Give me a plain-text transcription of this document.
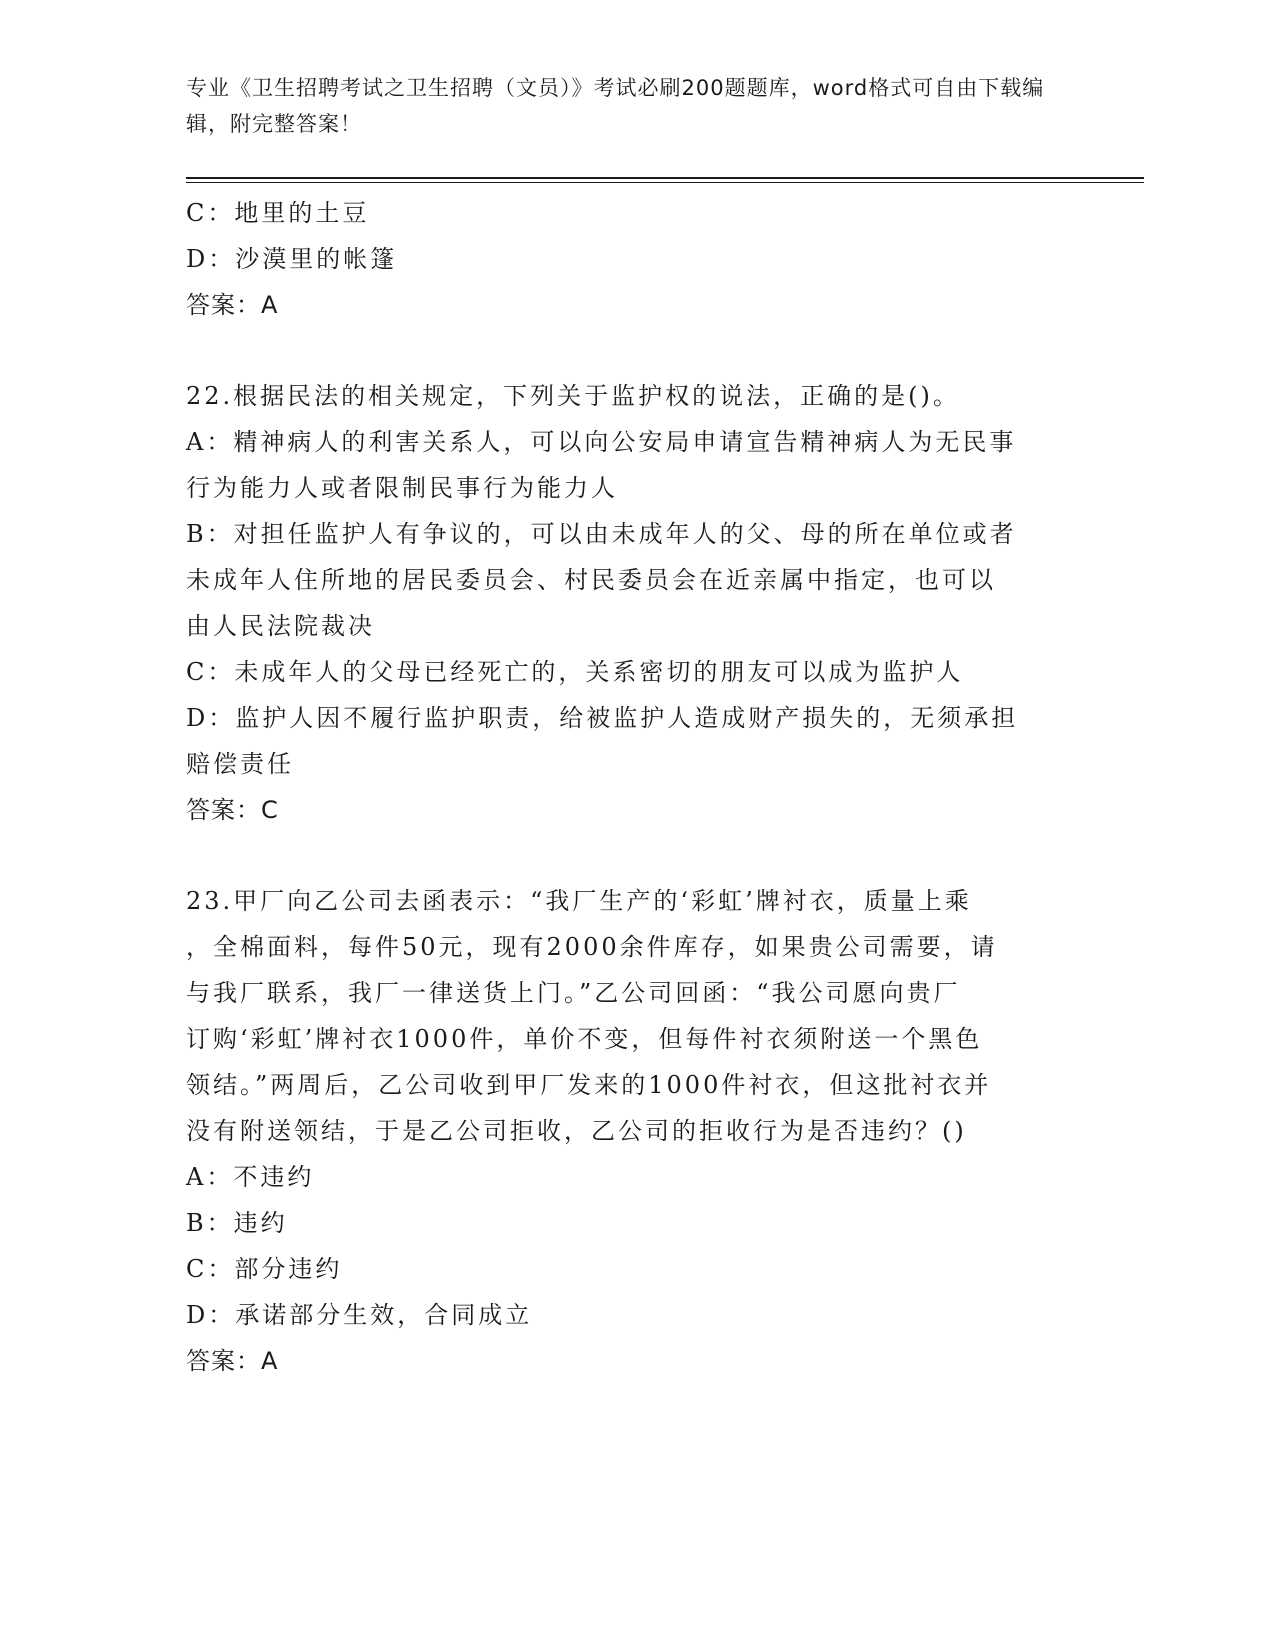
专业《卫生招聘考试之卫生招聘（文员）》考试必刷200题题库，word格式可自由下载编辑，附完整答案！
C：地里的土豆
D：沙漠里的帐篷
答案：A
22.根据民法的相关规定，下列关于监护权的说法，正确的是()。
A：精神病人的利害关系人，可以向公安局申请宣告精神病人为无民事
行为能力人或者限制民事行为能力人
B：对担任监护人有争议的，可以由未成年人的父、母的所在单位或者
未成年人住所地的居民委员会、村民委员会在近亲属中指定，也可以
由人民法院裁决
C：未成年人的父母已经死亡的，关系密切的朋友可以成为监护人
D：监护人因不履行监护职责，给被监护人造成财产损失的，无须承担
赔偿责任
答案：C
23.甲厂向乙公司去函表示：“我厂生产的‘彩虹’牌衬衣，质量上乘
，全棉面料，每件50元，现有2000余件库存，如果贵公司需要，请
与我厂联系，我厂一律送货上门。”乙公司回函：“我公司愿向贵厂
订购‘彩虹’牌衬衣1000件，单价不变，但每件衬衣须附送一个黑色
领结。”两周后，乙公司收到甲厂发来的1000件衬衣，但这批衬衣并
没有附送领结，于是乙公司拒收，乙公司的拒收行为是否违约？()
A：不违约
B：违约
C：部分违约
D：承诺部分生效，合同成立
答案：A
